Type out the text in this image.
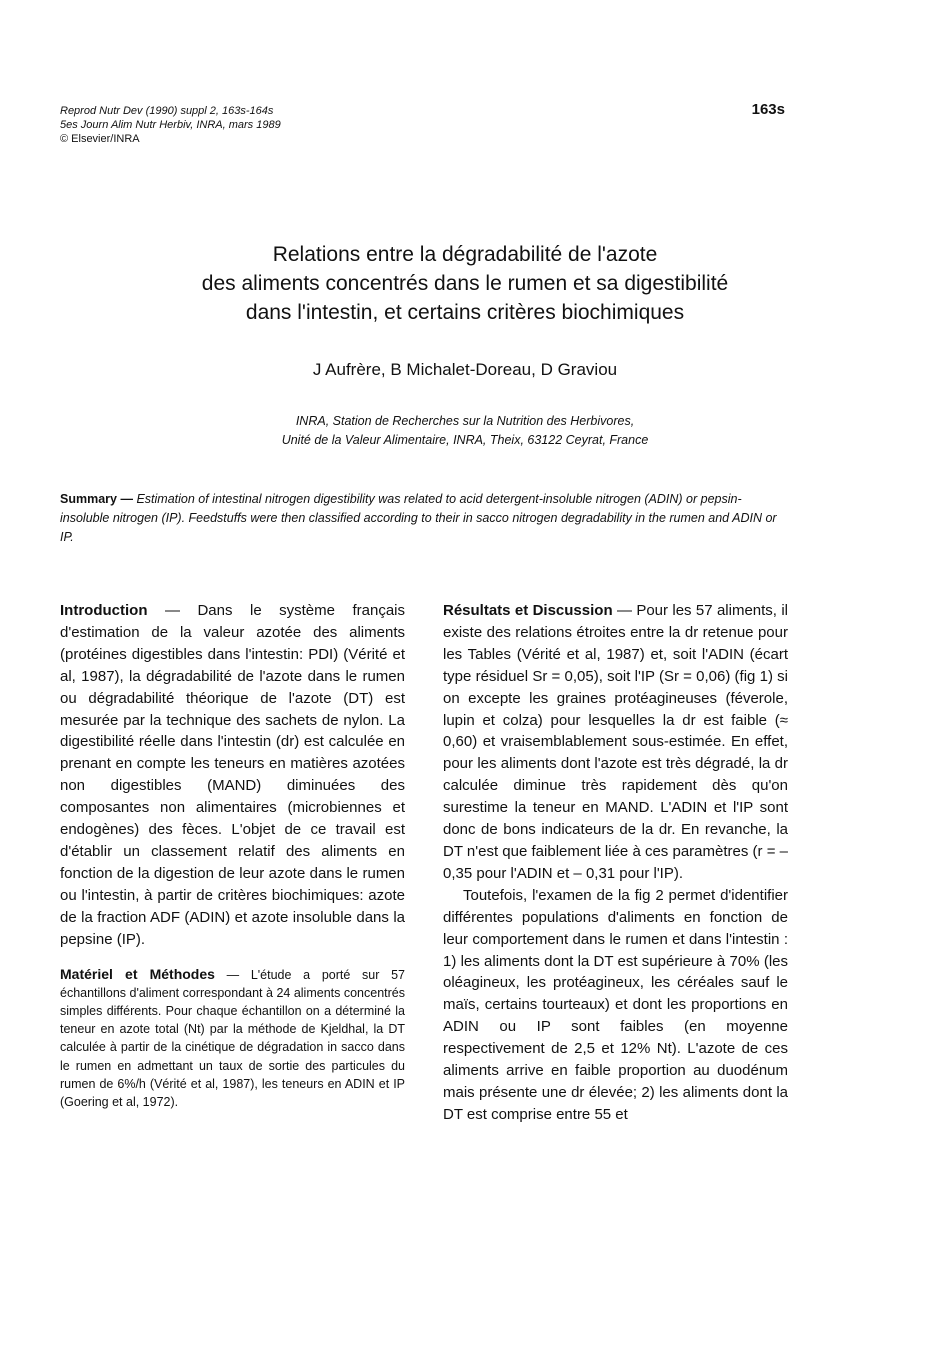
Reprod Nutr Dev (1990) suppl 2, 163s-164s
5es Journ Alim Nutr Herbiv, INRA, mars 1989
© Elsevier/INRA
163s
Relations entre la dégradabilité de l'azote
des aliments concentrés dans le rumen et sa digestibilité
dans l'intestin, et certains critères biochimiques
J Aufrère, B Michalet-Doreau, D Graviou
INRA, Station de Recherches sur la Nutrition des Herbivores,
Unité de la Valeur Alimentaire, INRA, Theix, 63122 Ceyrat, France
Summary — Estimation of intestinal nitrogen digestibility was related to acid detergent-insoluble nitrogen (ADIN) or pepsin-insoluble nitrogen (IP). Feedstuffs were then classified according to their in sacco nitrogen degradability in the rumen and ADIN or IP.

Introduction — Dans le système français d'estimation de la valeur azotée des aliments (protéines digestibles dans l'intestin: PDI) (Vérité et al, 1987), la dégradabilité de l'azote dans le rumen ou dégradabilité théorique de l'azote (DT) est mesurée par la technique des sachets de nylon. La digestibilité réelle dans l'intestin (dr) est calculée en prenant en compte les teneurs en matières azotées non digestibles (MAND) diminuées des composantes non alimentaires (microbiennes et endogènes) des fèces. L'objet de ce travail est d'établir un classement relatif des aliments en fonction de la digestion de leur azote dans le rumen ou l'intestin, à partir de critères biochimiques: azote de la fraction ADF (ADIN) et azote insoluble dans la pepsine (IP).

Matériel et Méthodes — L'étude a porté sur 57 échantillons d'aliment correspondant à 24 aliments concentrés simples différents. Pour chaque échantillon on a déterminé la teneur en azote total (Nt) par la méthode de Kjeldhal, la DT calculée à partir de la cinétique de dégradation in sacco dans le rumen en admettant un taux de sortie des particules du rumen de 6%/h (Vérité et al, 1987), les teneurs en ADIN et IP (Goering et al, 1972).

Résultats et Discussion — Pour les 57 aliments, il existe des relations étroites entre la dr retenue pour les Tables (Vérité et al, 1987) et, soit l'ADIN (écart type résiduel Sr = 0,05), soit l'IP (Sr = 0,06) (fig 1) si on excepte les graines protéagineuses (féverole, lupin et colza) pour lesquelles la dr est faible (≈ 0,60) et vraisemblablement sous-estimée. En effet, pour les aliments dont l'azote est très dégradé, la dr calculée diminue très rapidement dès qu'on surestime la teneur en MAND. L'ADIN et l'IP sont donc de bons indicateurs de la dr. En revanche, la DT n'est que faiblement liée à ces paramètres (r = –0,35 pour l'ADIN et – 0,31 pour l'IP).

Toutefois, l'examen de la fig 2 permet d'identifier différentes populations d'aliments en fonction de leur comportement dans le rumen et dans l'intestin : 1) les aliments dont la DT est supérieure à 70% (les oléagineux, les protéagineux, les céréales sauf le maïs, certains tourteaux) et dont les proportions en ADIN ou IP sont faibles (en moyenne respectivement de 2,5 et 12% Nt). L'azote de ces aliments arrive en faible proportion au duodénum mais présente une dr élevée; 2) les aliments dont la DT est comprise entre 55 et
